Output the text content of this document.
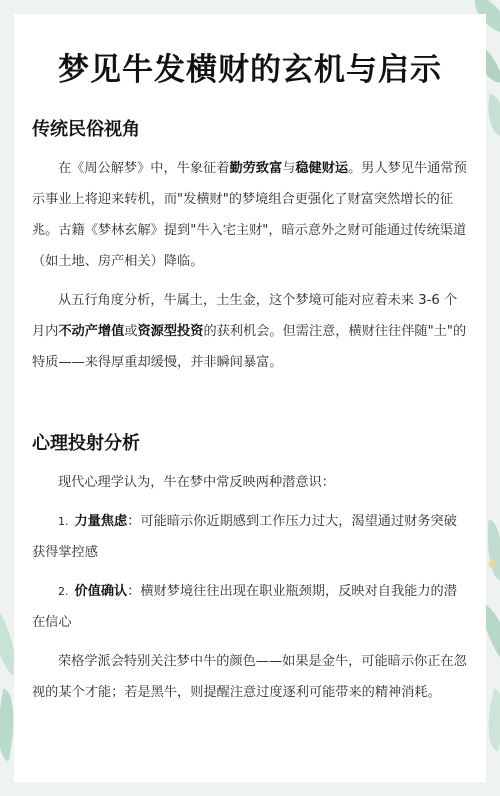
梦见牛发横财的玄机与启示
传统民俗视角

在《周公解梦》中，牛象征着勤劳致富与稳健财运。男人梦见牛通常预示事业上将迎来转机，而"发横财"的梦境组合更强化了财富突然增长的征兆。古籍《梦林玄解》提到"牛入宅主财"，暗示意外之财可能通过传统渠道（如土地、房产相关）降临。

从五行角度分析，牛属土，土生金，这个梦境可能对应着未来 3-6 个月内不动产增值或资源型投资的获利机会。但需注意，横财往往伴随"土"的特质——来得厚重却缓慢，并非瞬间暴富。

心理投射分析

现代心理学认为，牛在梦中常反映两种潜意识：

1. 力量焦虑：可能暗示你近期感到工作压力过大，渴望通过财务突破获得掌控感

2. 价值确认：横财梦境往往出现在职业瓶颈期，反映对自我能力的潜在信心

荣格学派会特别关注梦中牛的颜色——如果是金牛，可能暗示你正在忽视的某个才能；若是黑牛，则提醒注意过度逐利可能带来的精神消耗。
